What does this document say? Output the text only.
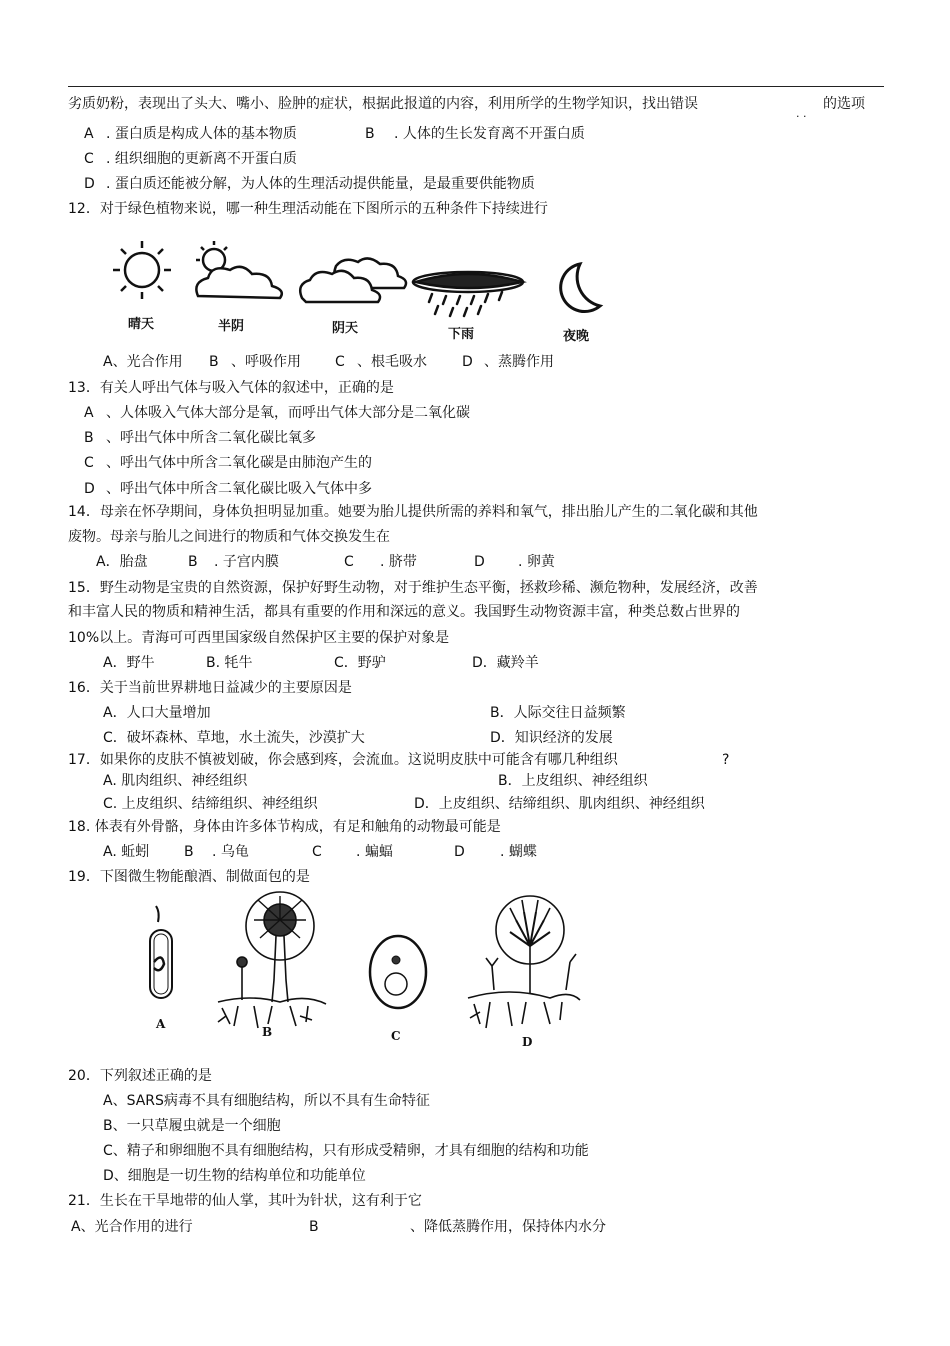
劣质奶粉，表现出了头大、嘴小、脸肿的症状，根据此报道的内容，利用所学的生物学知识，找出错误	的选项
. .
A . 蛋白质是构成人体的基本物质	B . 人体的生长发育离不开蛋白质
C . 组织细胞的更新离不开蛋白质
D . 蛋白质还能被分解，为人体的生理活动提供能量，是最重要供能物质
12．对于绿色植物来说，哪一种生理活动能在下图所示的五种条件下持续进行
晴天	半阴	阴天	下雨	夜晚
A、光合作用 B 、呼吸作用 C 、根毛吸水	D 、蒸腾作用
13．有关人呼出气体与吸入气体的叙述中，正确的是
A 、人体吸入气体大部分是氧，而呼出气体大部分是二氧化碳
B 、呼出气体中所含二氧化碳比氧多
C 、呼出气体中所含二氧化碳是由肺泡产生的
D 、呼出气体中所含二氧化碳比吸入气体中多
14．母亲在怀孕期间，身体负担明显加重。她要为胎儿提供所需的养料和氧气，排出胎儿产生的二氧化碳和其他
废物。母亲与胎儿之间进行的物质和气体交换发生在
A．胎盘	B . 子宫内膜	C . 脐带	D . 卵黄
15．野生动物是宝贵的自然资源，保护好野生动物，对于维护生态平衡，拯救珍稀、濒危物种，发展经济，改善
和丰富人民的物质和精神生活，都具有重要的作用和深远的意义。我国野生动物资源丰富，种类总数占世界的
10%以上。青海可可西里国家级自然保护区主要的保护对象是
A．野牛	B. 牦牛	C．野驴	D．藏羚羊
16．关于当前世界耕地日益减少的主要原因是
A．人口大量增加	B．人际交往日益频繁
C．破坏森林、草地，水土流失，沙漠扩大	D．知识经济的发展
17．如果你的皮肤不慎被划破，你会感到疼，会流血。这说明皮肤中可能含有哪几种组织	?
A. 肌肉组织、神经组织	B．上皮组织、神经组织
C. 上皮组织、结缔组织、神经组织	D．上皮组织、结缔组织、肌肉组织、神经组织
18. 体表有外骨骼，身体由许多体节构成，有足和触角的动物最可能是
A. 蚯蚓 B . 乌龟	C . 蝙蝠	D	. 蝴蝶
19．下图微生物能酿酒、制做面包的是
A
B	C	D
20．下列叙述正确的是
A、SARS病毒不具有细胞结构，所以不具有生命特征
B、一只草履虫就是一个细胞
C、精子和卵细胞不具有细胞结构，只有形成受精卵，才具有细胞的结构和功能
D、细胞是一切生物的结构单位和功能单位
21．生长在干旱地带的仙人掌，其叶为针状，这有利于它
A、光合作用的进行	B	、降低蒸腾作用，保持体内水分
